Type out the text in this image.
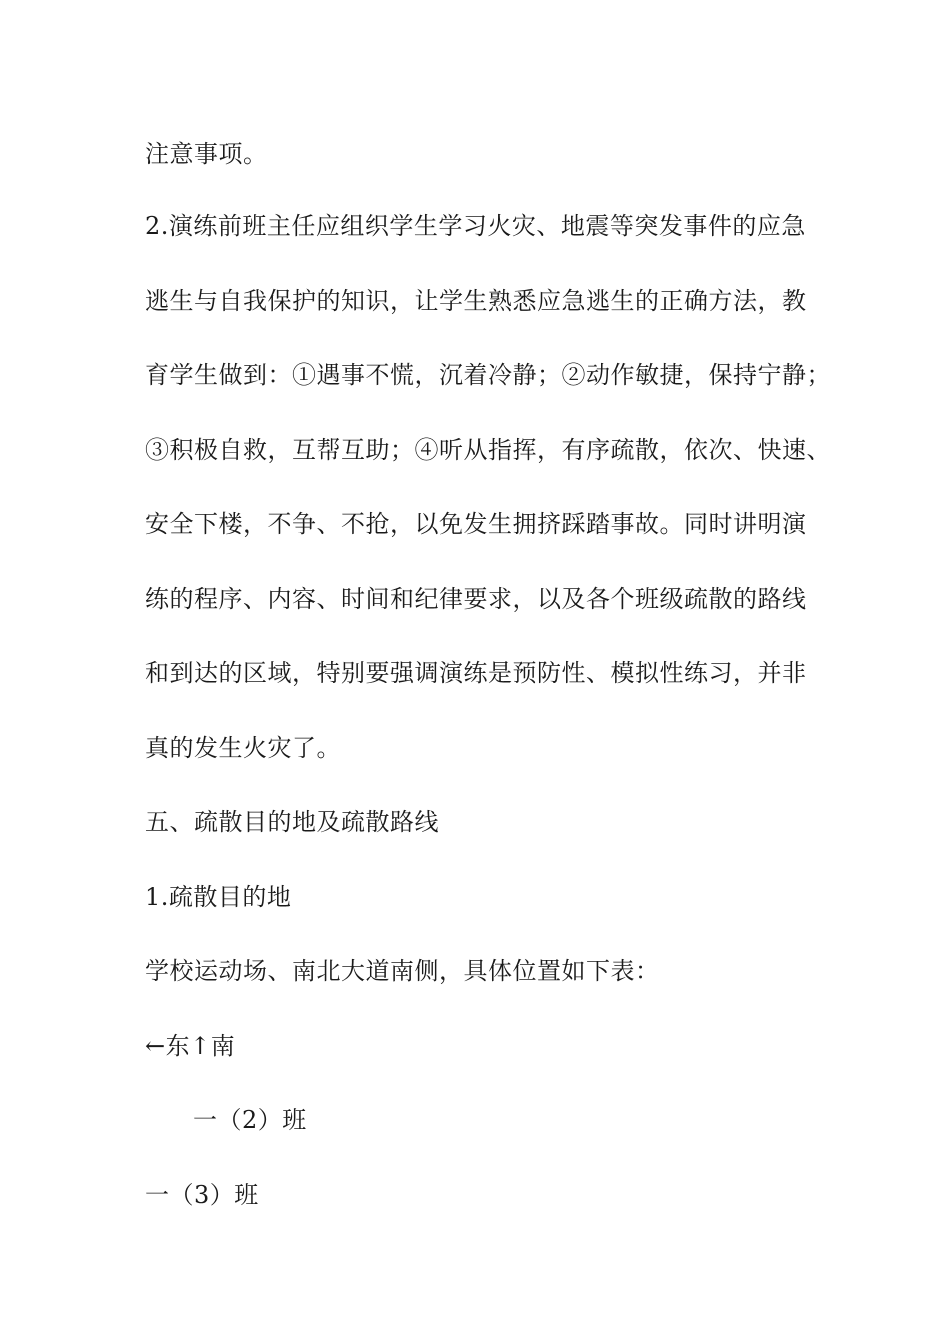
注意事项。
2.演练前班主任应组织学生学习火灾、地震等突发事件的应急
逃生与自我保护的知识，让学生熟悉应急逃生的正确方法，教
育学生做到：①遇事不慌，沉着冷静；②动作敏捷，保持宁静；
③积极自救，互帮互助；④听从指挥，有序疏散，依次、快速、
安全下楼，不争、不抢，以免发生拥挤踩踏事故。同时讲明演
练的程序、内容、时间和纪律要求，以及各个班级疏散的路线
和到达的区域，特别要强调演练是预防性、模拟性练习，并非
真的发生火灾了。
五、疏散目的地及疏散路线
1.疏散目的地
学校运动场、南北大道南侧，具体位置如下表：
←东↑南
一（2）班
一（3）班
